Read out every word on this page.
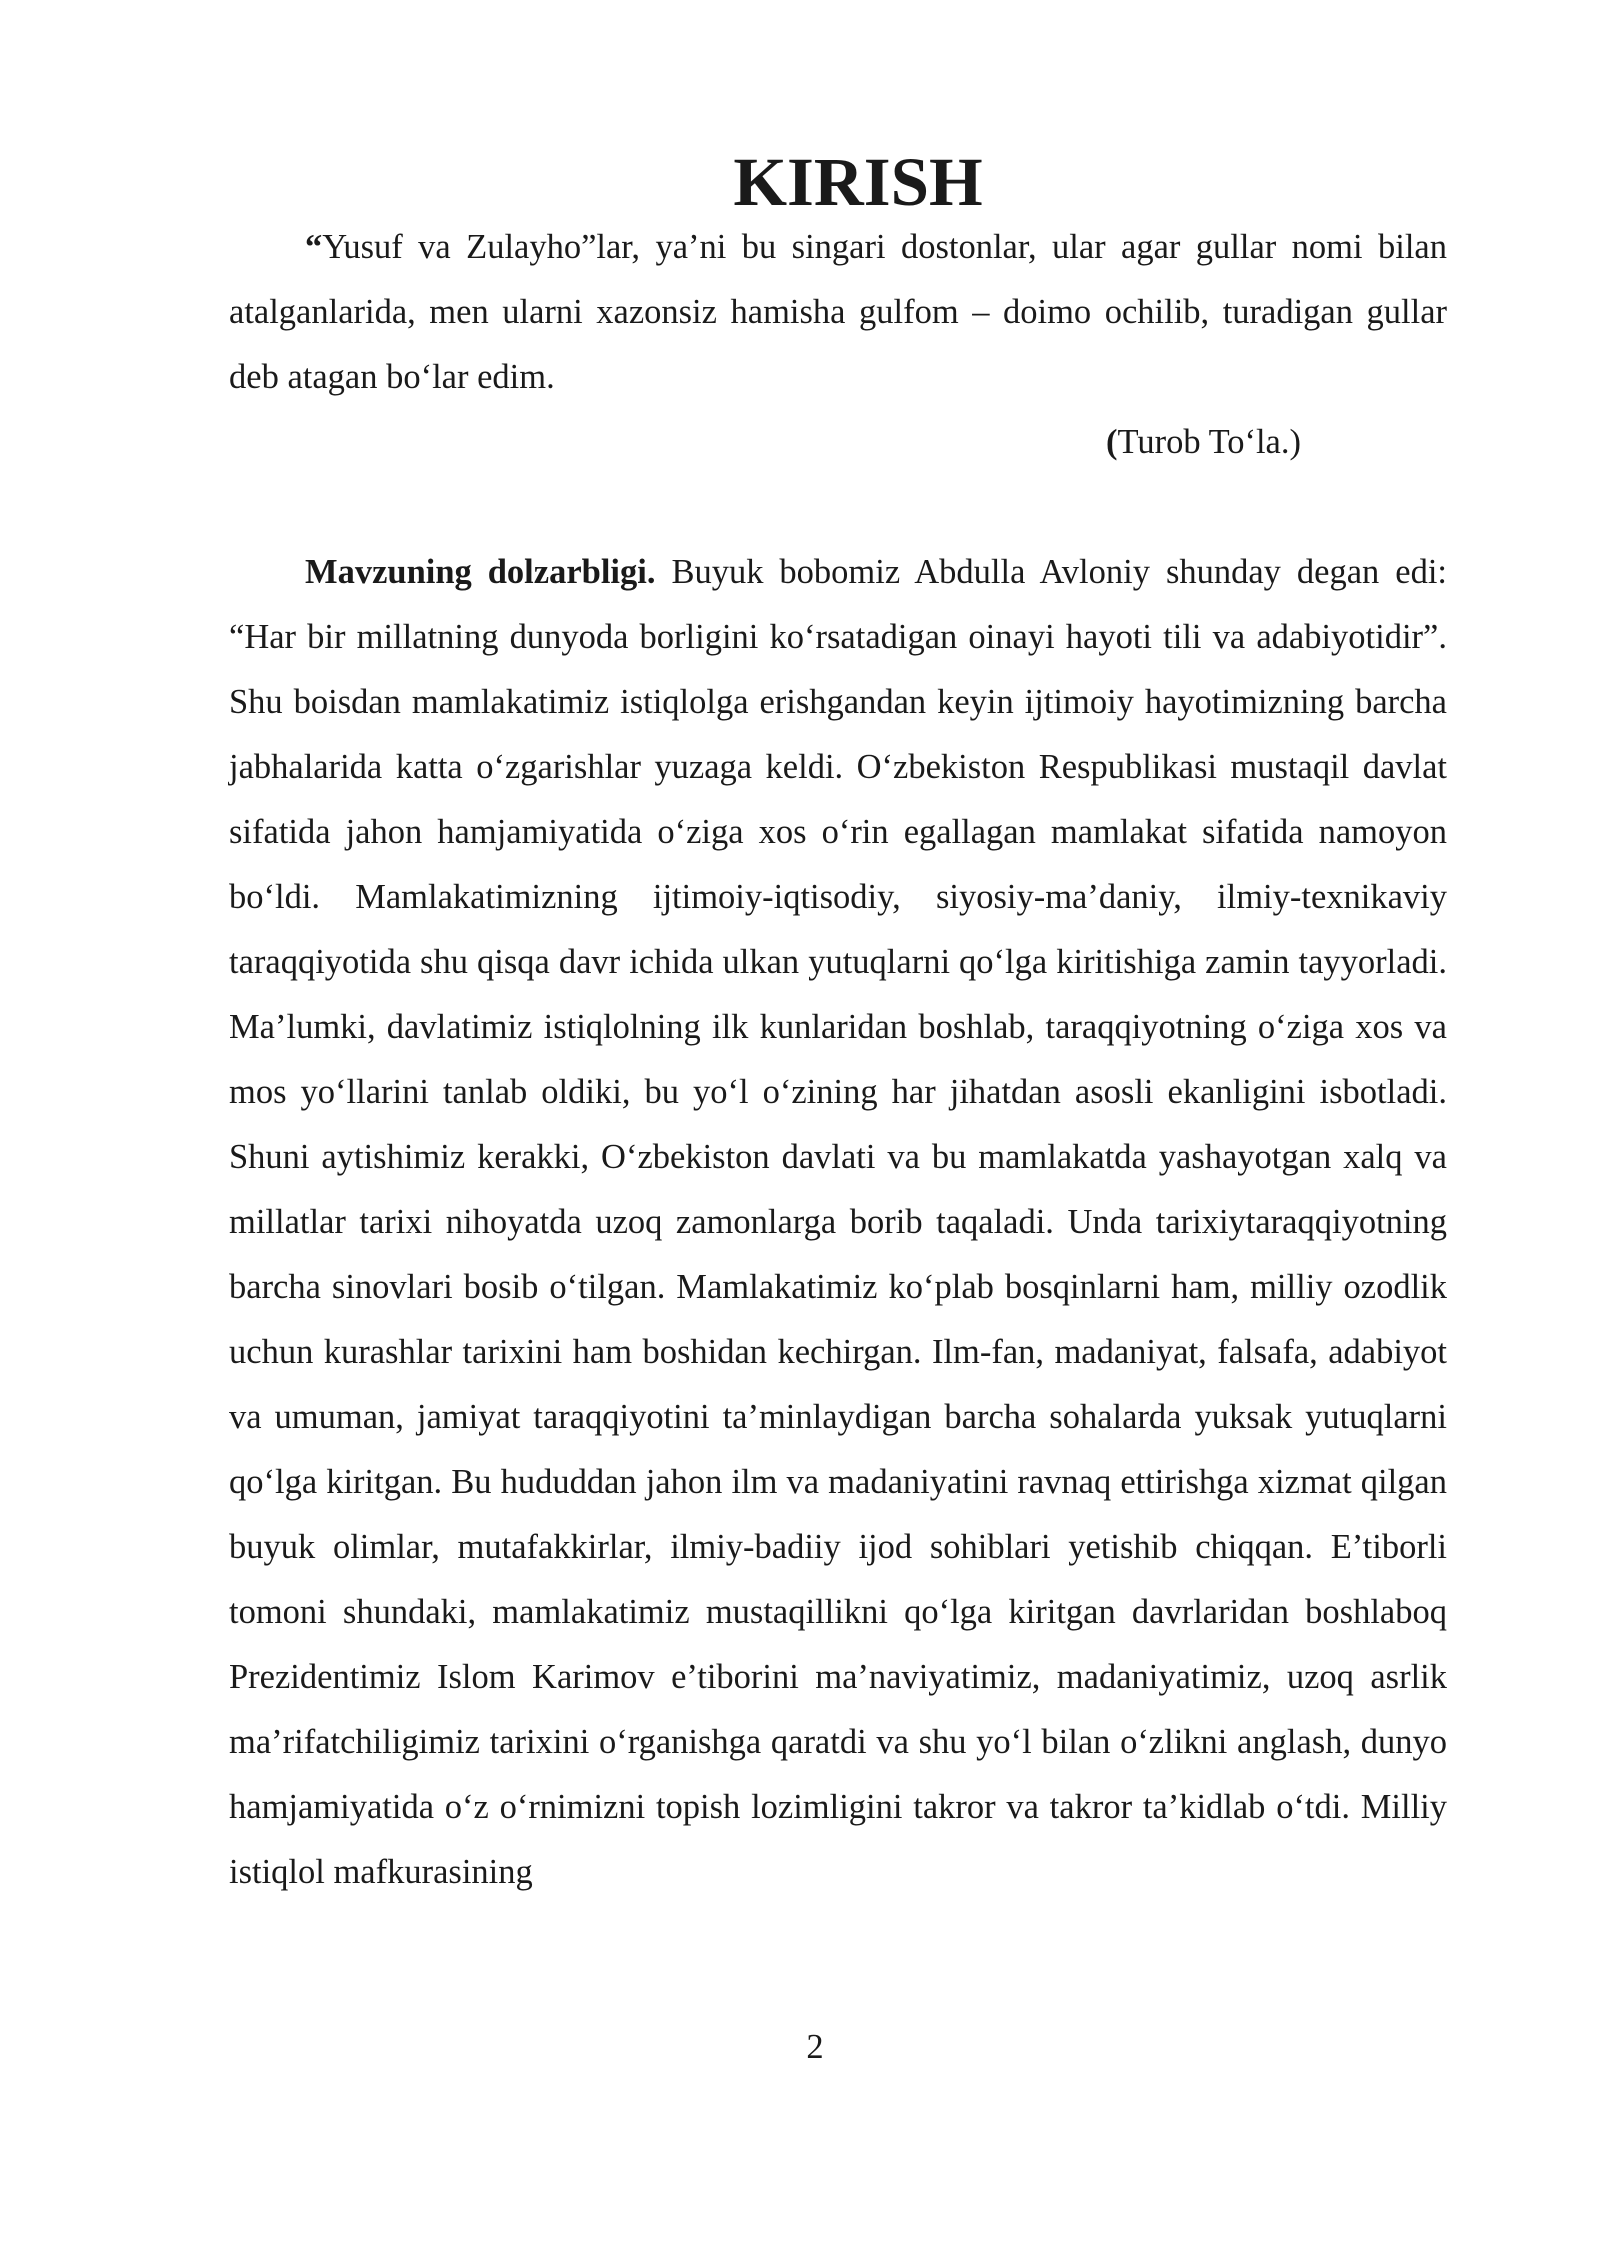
KIRISH

“Yusuf va Zulayho”lar, ya’ni bu singari dostonlar, ular agar gullar nomi bilan atalganlarida, men ularni xazonsiz hamisha gulfom – doimo ochilib, turadigan gullar deb atagan bo‘lar edim.

(Turob To‘la.)

Mavzuning dolzarbligi. Buyuk bobomiz Abdulla Avloniy shunday degan edi: “Har bir millatning dunyoda borligini ko‘rsatadigan oinayi hayoti tili va adabiyotidir”. Shu boisdan mamlakatimiz istiqlolga erishgandan keyin ijtimoiy hayotimizning barcha jabhalarida katta o‘zgarishlar yuzaga keldi. O‘zbekiston Respublikasi mustaqil davlat sifatida jahon hamjamiyatida o‘ziga xos o‘rin egallagan mamlakat sifatida namoyon bo‘ldi. Mamlakatimizning ijtimoiy-iqtisodiy, siyosiy-ma’daniy, ilmiy-texnikaviy taraqqiyotida shu qisqa davr ichida ulkan yutuqlarni qo‘lga kiritishiga zamin tayyorladi. Ma’lumki, davlatimiz istiqlolning ilk kunlaridan boshlab, taraqqiyotning o‘ziga xos va mos yo‘llarini tanlab oldiki, bu yo‘l o‘zining har jihatdan asosli ekanligini isbotladi. Shuni aytishimiz kerakki, O‘zbekiston davlati va bu mamlakatda yashayotgan xalq va millatlar tarixi nihoyatda uzoq zamonlarga borib taqaladi. Unda tarixiytaraqqiyotning barcha sinovlari bosib o‘tilgan. Mamlakatimiz ko‘plab bosqinlarni ham, milliy ozodlik uchun kurashlar tarixini ham boshidan kechirgan. Ilm-fan, madaniyat, falsafa, adabiyot va umuman, jamiyat taraqqiyotini ta’minlaydigan barcha sohalarda yuksak yutuqlarni qo‘lga kiritgan. Bu hududdan jahon ilm va madaniyatini ravnaq ettirishga xizmat qilgan buyuk olimlar, mutafakkirlar, ilmiy-badiiy ijod sohiblari yetishib chiqqan. E’tiborli tomoni shundaki, mamlakatimiz mustaqillikni qo‘lga kiritgan davrlaridan boshlaboq Prezidentimiz Islom Karimov e’tiborini ma’naviyatimiz, madaniyatimiz, uzoq asrlik ma’rifatchiligimiz tarixini o‘rganishga qaratdi va shu yo‘l bilan o‘zlikni anglash, dunyo hamjamiyatida o‘z o‘rnimizni topish lozimligini takror va takror ta’kidlab o‘tdi. Milliy istiqlol mafkurasining

2
